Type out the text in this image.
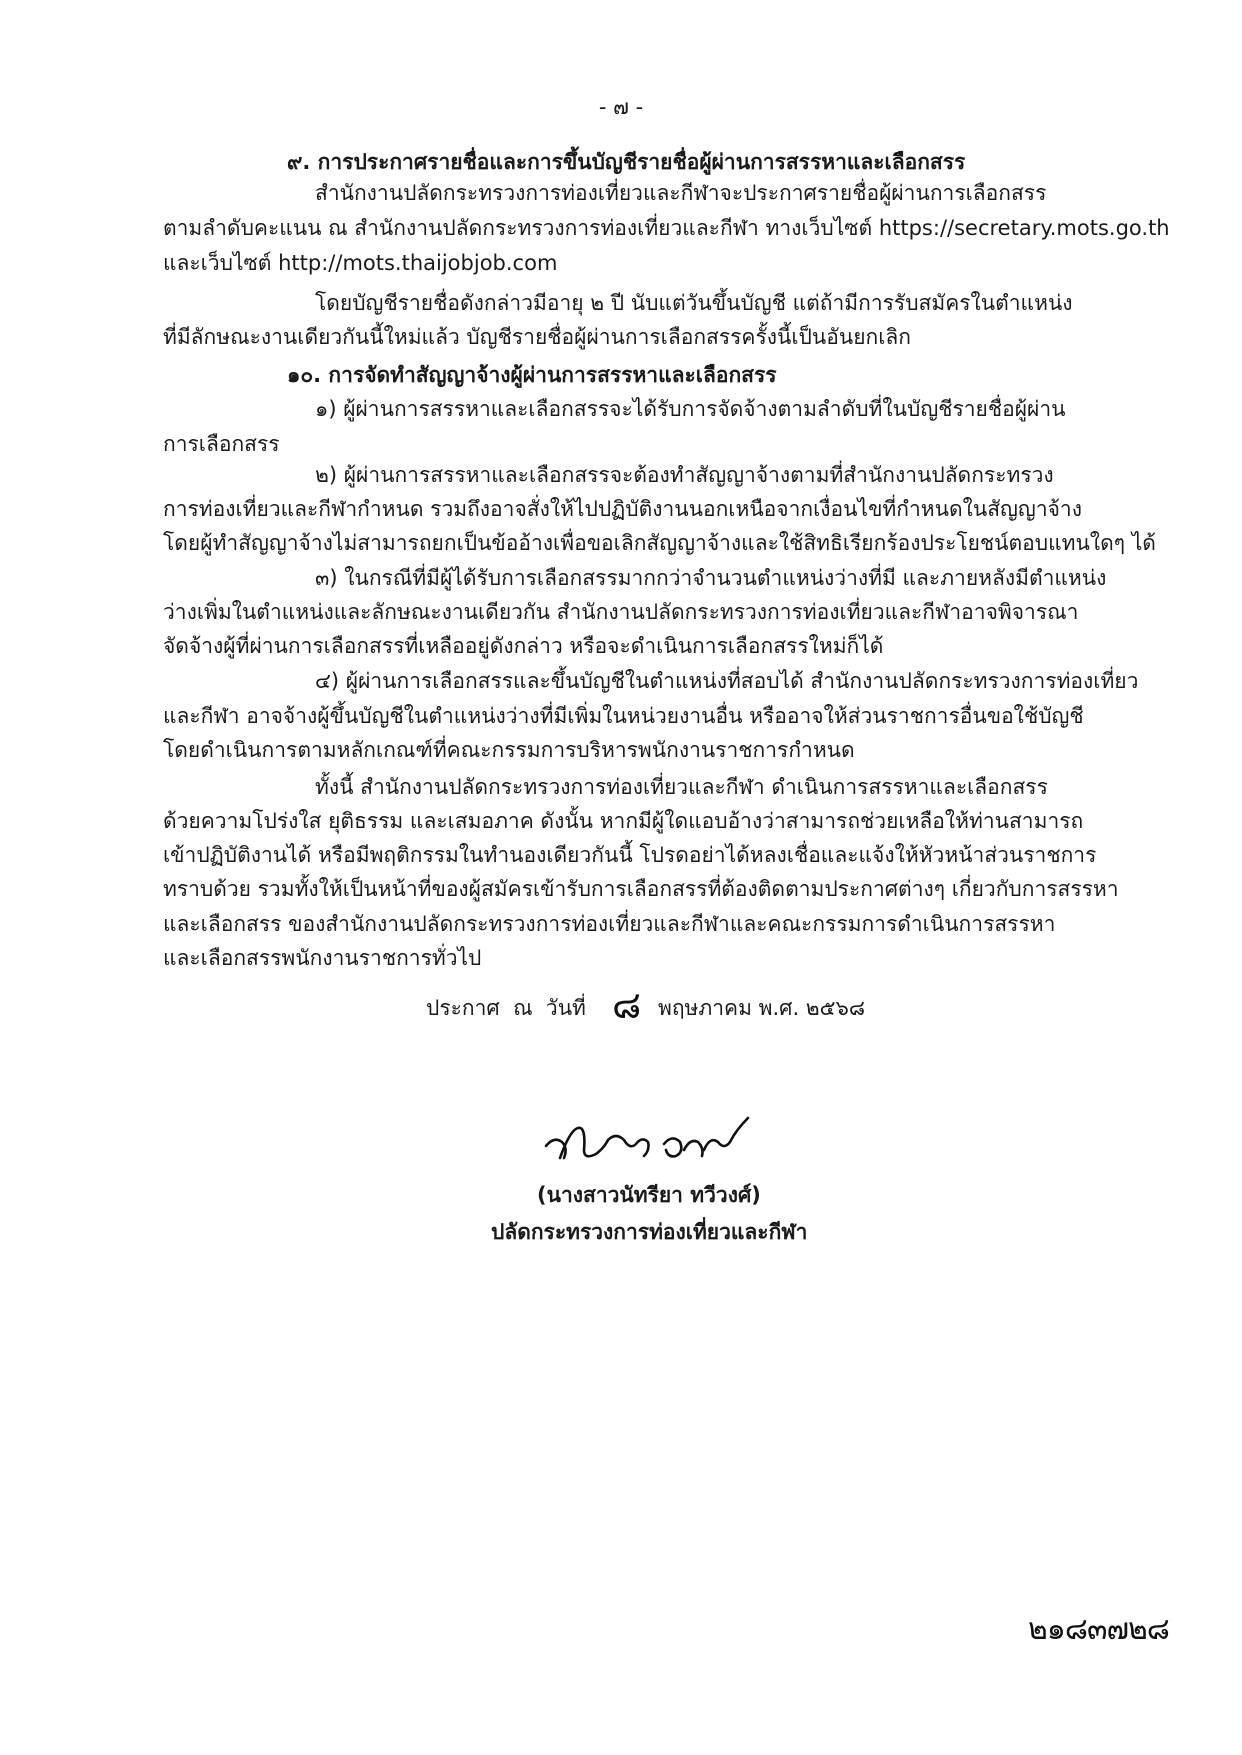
- ๗ -
๙. การประกาศรายชื่อและการขึ้นบัญชีรายชื่อผู้ผ่านการสรรหาและเลือกสรร
สำนักงานปลัดกระทรวงการท่องเที่ยวและกีฬาจะประกาศรายชื่อผู้ผ่านการเลือกสรร
ตามลำดับคะแนน ณ สำนักงานปลัดกระทรวงการท่องเที่ยวและกีฬา ทางเว็บไซต์ https://secretary.mots.go.th
และเว็บไซต์ http://mots.thaijobjob.com
โดยบัญชีรายชื่อดังกล่าวมีอายุ ๒ ปี นับแต่วันขึ้นบัญชี แต่ถ้ามีการรับสมัครในตำแหน่ง
ที่มีลักษณะงานเดียวกันนี้ใหม่แล้ว บัญชีรายชื่อผู้ผ่านการเลือกสรรครั้งนี้เป็นอันยกเลิก
๑๐. การจัดทำสัญญาจ้างผู้ผ่านการสรรหาและเลือกสรร
๑) ผู้ผ่านการสรรหาและเลือกสรรจะได้รับการจัดจ้างตามลำดับที่ในบัญชีรายชื่อผู้ผ่าน
การเลือกสรร
๒) ผู้ผ่านการสรรหาและเลือกสรรจะต้องทำสัญญาจ้างตามที่สำนักงานปลัดกระทรวง
การท่องเที่ยวและกีฬากำหนด รวมถึงอาจสั่งให้ไปปฏิบัติงานนอกเหนือจากเงื่อนไขที่กำหนดในสัญญาจ้าง
โดยผู้ทำสัญญาจ้างไม่สามารถยกเป็นข้ออ้างเพื่อขอเลิกสัญญาจ้างและใช้สิทธิเรียกร้องประโยชน์ตอบแทนใดๆ ได้
๓) ในกรณีที่มีผู้ได้รับการเลือกสรรมากกว่าจำนวนตำแหน่งว่างที่มี และภายหลังมีตำแหน่ง
ว่างเพิ่มในตำแหน่งและลักษณะงานเดียวกัน สำนักงานปลัดกระทรวงการท่องเที่ยวและกีฬาอาจพิจารณา
จัดจ้างผู้ที่ผ่านการเลือกสรรที่เหลืออยู่ดังกล่าว หรือจะดำเนินการเลือกสรรใหม่ก็ได้
๔) ผู้ผ่านการเลือกสรรและขึ้นบัญชีในตำแหน่งที่สอบได้ สำนักงานปลัดกระทรวงการท่องเที่ยว
และกีฬา อาจจ้างผู้ขึ้นบัญชีในตำแหน่งว่างที่มีเพิ่มในหน่วยงานอื่น หรืออาจให้ส่วนราชการอื่นขอใช้บัญชี
โดยดำเนินการตามหลักเกณฑ์ที่คณะกรรมการบริหารพนักงานราชการกำหนด
ทั้งนี้ สำนักงานปลัดกระทรวงการท่องเที่ยวและกีฬา ดำเนินการสรรหาและเลือกสรร
ด้วยความโปร่งใส ยุติธรรม และเสมอภาค ดังนั้น หากมีผู้ใดแอบอ้างว่าสามารถช่วยเหลือให้ท่านสามารถ
เข้าปฏิบัติงานได้ หรือมีพฤติกรรมในทำนองเดียวกันนี้ โปรดอย่าได้หลงเชื่อและแจ้งให้หัวหน้าส่วนราชการ
ทราบด้วย รวมทั้งให้เป็นหน้าที่ของผู้สมัครเข้ารับการเลือกสรรที่ต้องติดตามประกาศต่างๆ เกี่ยวกับการสรรหา
และเลือกสรร ของสำนักงานปลัดกระทรวงการท่องเที่ยวและกีฬาและคณะกรรมการดำเนินการสรรหา
และเลือกสรรพนักงานราชการทั่วไป
ประกาศ  ณ  วันที่ ๘ พฤษภาคม พ.ศ. ๒๕๖๘
(นางสาวนัทรียา ทวีวงศ์)
ปลัดกระทรวงการท่องเที่ยวและกีฬา
๒๑๘๓๗๒๘
